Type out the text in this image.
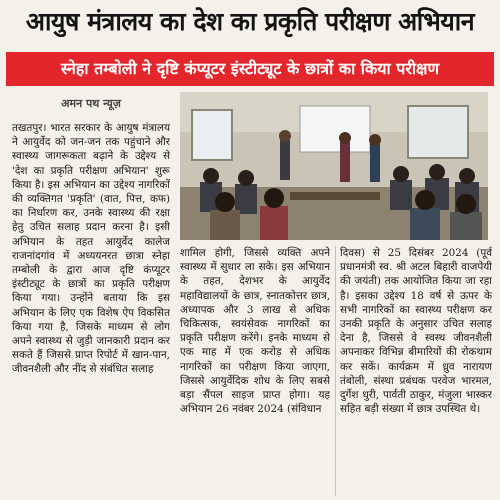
आयुष मंत्रालय का देश का प्रकृति परीक्षण अभियान
स्नेहा तम्बोली ने दृष्टि कंप्यूटर इंस्टीट्यूट के छात्रों का किया परीक्षण
अमन पथ न्यूज़

तखतपुर। भारत सरकार के आयुष मंत्रालय ने आयुर्वेद को जन-जन तक पहुंचाने और स्वास्थ्य जागरूकता बढ़ाने के उद्देश्य से 'देश का प्रकृति परीक्षण अभियान' शुरू किया है। इस अभियान का उद्देश्य नागरिकों की व्यक्तिगत 'प्रकृति' (वात, पित्त, कफ) का निर्धारण कर, उनके स्वास्थ्य की रक्षा हेतु उचित सलाह प्रदान करना है। इसी अभियान के तहत आयुर्वेद कालेज राजनांदगांव में अध्ययनरत छात्रा स्नेहा तम्बोली के द्वारा आज दृष्टि कंप्यूटर इंस्टीट्यूट के छात्रों का प्रकृति परीक्षण किया गया। उन्होंने बताया कि इस अभियान के लिए एक विशेष ऐप विकसित किया गया है, जिसके माध्यम से लोग अपने स्वास्थ्य से जुड़ी जानकारी प्रदान कर सकते हैं जिससे प्राप्त रिपोर्ट में खान-पान, जीवनशैली और नींद से संबंधित सलाह

शामिल होगी, जिससे व्यक्ति अपने स्वास्थ्य में सुधार ला सके। इस अभियान के तहत, देशभर के आयुर्वेद महाविद्यालयों के छात्र, स्नातकोत्तर छात्र, अध्यापक और 3 लाख से अधिक चिकित्सक, स्वयंसेवक नागरिकों का प्रकृति परीक्षण करेंगे। इनके माध्यम से एक माह में एक करोड़ से अधिक नागरिकों का परीक्षण किया जाएगा, जिससे आयुर्वेदिक शोध के लिए सबसे बड़ा सैंपल साइज प्राप्त होगा। यह अभियान 26 नवंबर 2024 (संविधान

दिवस) से 25 दिसंबर 2024 (पूर्व प्रधानमंत्री स्व. श्री अटल बिहारी वाजपेयी की जयंती) तक आयोजित किया जा रहा है। इसका उद्देश्य 18 वर्ष से ऊपर के सभी नागरिकों का स्वास्थ्य परीक्षण कर उनकी प्रकृति के अनुसार उचित सलाह देना है, जिससे वे स्वस्थ जीवनशैली अपनाकर विभिन्न बीमारियों की रोकथाम कर सकें। कार्यक्रम में ध्रुव नारायण तंबोली, संस्था प्रबंधक परवेज भारमल, दुर्गेश धुरी, पार्वती ठाकुर, मंजुला भास्कर सहित बड़ी संख्या में छात्र उपस्थित थे।
